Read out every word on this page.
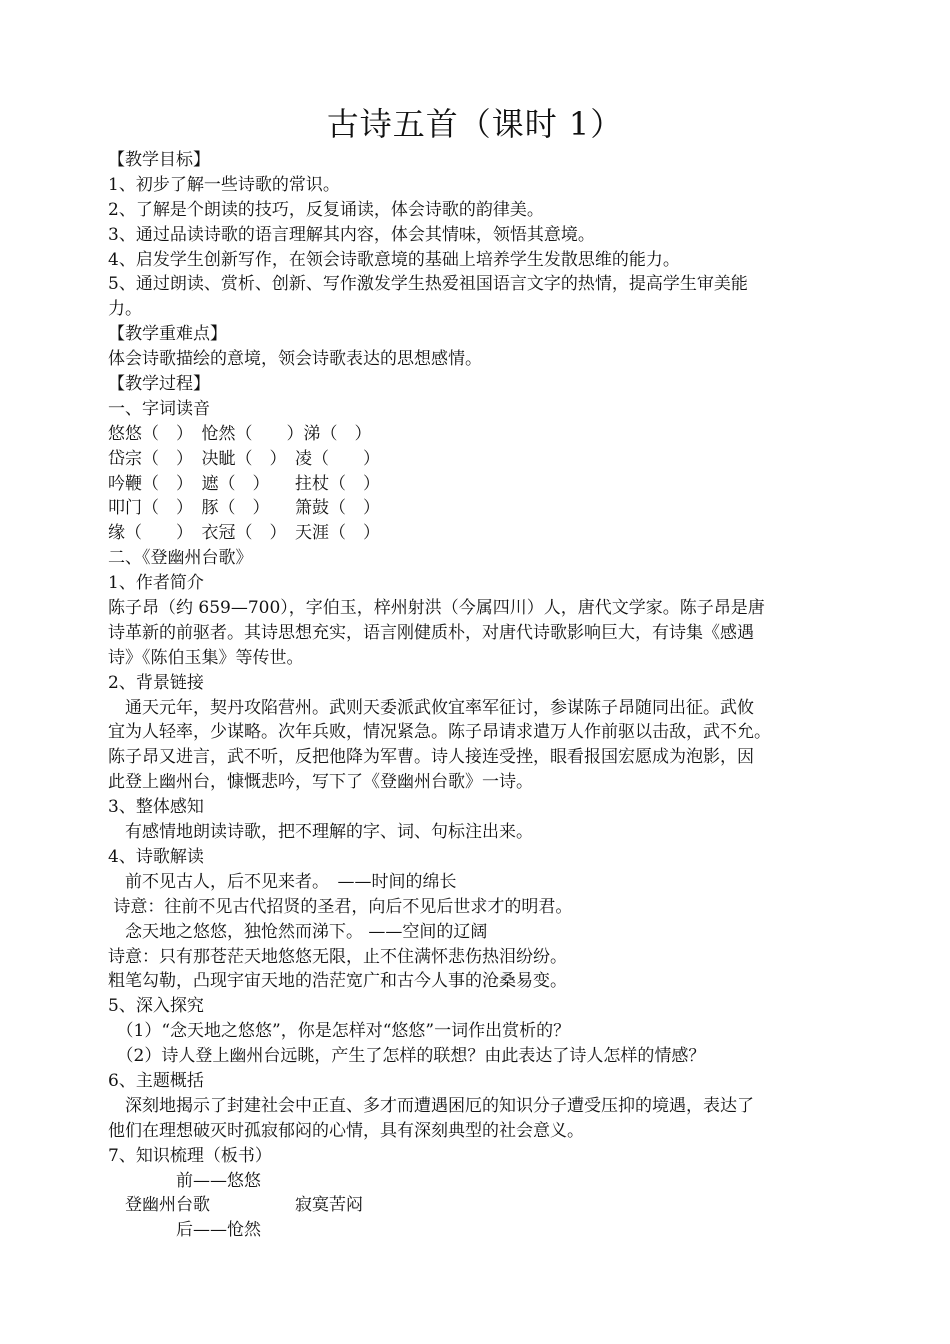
古诗五首（课时 1）
【教学目标】
1、初步了解一些诗歌的常识。
2、了解是个朗读的技巧，反复诵读，体会诗歌的韵律美。
3、通过品读诗歌的语言理解其内容，体会其情味，领悟其意境。
4、启发学生创新写作，在领会诗歌意境的基础上培养学生发散思维的能力。
5、通过朗读、赏析、创新、写作激发学生热爱祖国语言文字的热情，提高学生审美能
力。
【教学重难点】
体会诗歌描绘的意境，领会诗歌表达的思想感情。
【教学过程】
一、字词读音
悠悠（　）　怆然（　　）涕（　）
岱宗（　）　决眦（　）　凌（　　）
吟鞭（　）　遮（　）　　拄杖（　）
叩门（　）　豚（　）　　箫鼓（　）
缘（　　）　衣冠（　）　天涯（　）
二、《登幽州台歌》
1、作者简介
陈子昂（约 659—700），字伯玉，梓州射洪（今属四川）人，唐代文学家。陈子昂是唐
诗革新的前驱者。其诗思想充实，语言刚健质朴，对唐代诗歌影响巨大，有诗集《感遇
诗》《陈伯玉集》等传世。
2、背景链接
　通天元年，契丹攻陷营州。武则天委派武攸宜率军征讨，参谋陈子昂随同出征。武攸
宜为人轻率，少谋略。次年兵败，情况紧急。陈子昂请求遣万人作前驱以击敌，武不允。
陈子昂又进言，武不听，反把他降为军曹。诗人接连受挫，眼看报国宏愿成为泡影，因
此登上幽州台，慷慨悲吟，写下了《登幽州台歌》一诗。
3、整体感知
　有感情地朗读诗歌，把不理解的字、词、句标注出来。
4、诗歌解读
　前不见古人，后不见来者。　——时间的绵长
诗意：往前不见古代招贤的圣君，向后不见后世求才的明君。
　念天地之悠悠，独怆然而涕下。 ——空间的辽阔
诗意：只有那苍茫天地悠悠无限，止不住满怀悲伤热泪纷纷。
粗笔勾勒，凸现宇宙天地的浩茫宽广和古今人事的沧桑易变。
5、深入探究
　（1）“念天地之悠悠”，你是怎样对“悠悠”一词作出赏析的？
　（2）诗人登上幽州台远眺，产生了怎样的联想？由此表达了诗人怎样的情感？
6、主题概括
　深刻地揭示了封建社会中正直、多才而遭遇困厄的知识分子遭受压抑的境遇，表达了
他们在理想破灭时孤寂郁闷的心情，具有深刻典型的社会意义。
7、知识梳理（板书）
　　　　前——悠悠
　登幽州台歌　　　　　寂寞苦闷
　　　　后——怆然
